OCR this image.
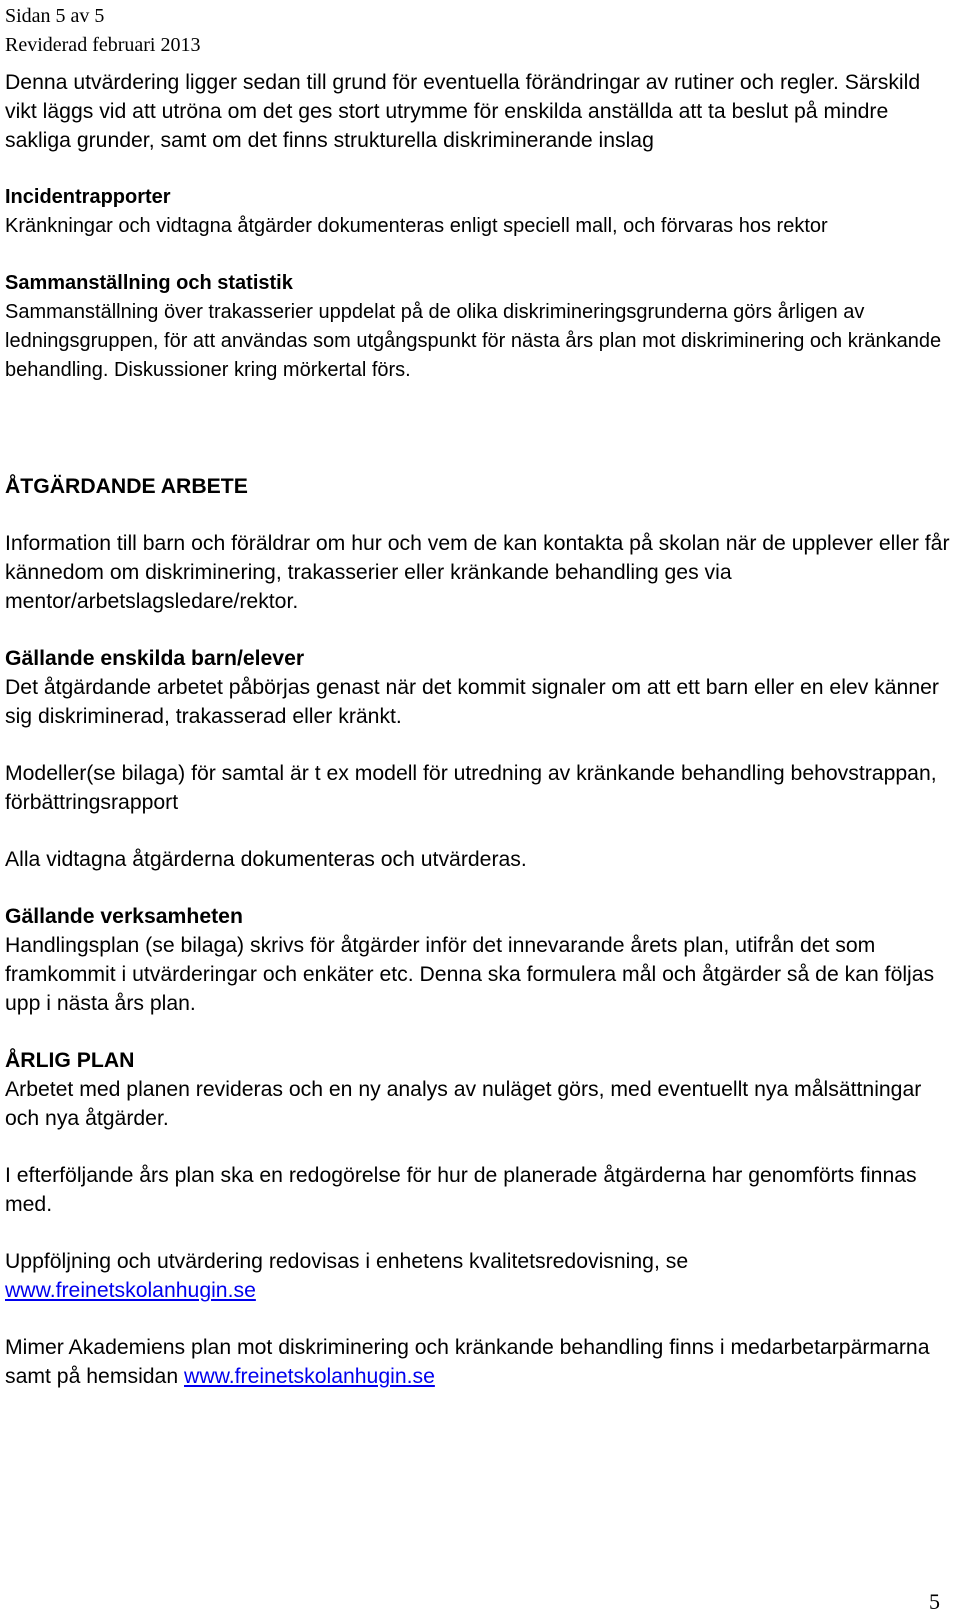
Sidan 5 av 5
Reviderad februari 2013

Denna utvärdering ligger sedan till grund för eventuella förändringar av rutiner och regler. Särskild vikt läggs vid att utröna om det ges stort utrymme för enskilda anställda att ta beslut på mindre sakliga grunder, samt om det finns strukturella diskriminerande inslag

Incidentrapporter

Kränkningar och vidtagna åtgärder dokumenteras enligt speciell mall, och förvaras hos rektor

Sammanställning och statistik

Sammanställning över trakasserier uppdelat på de olika diskrimineringsgrunderna görs årligen av ledningsgruppen, för att användas som utgångspunkt för nästa års plan mot diskriminering och kränkande behandling. Diskussioner kring mörkertal förs.

ÅTGÄRDANDE ARBETE

Information till barn och föräldrar om hur och vem de kan kontakta på skolan när de upplever eller får kännedom om diskriminering, trakasserier eller kränkande behandling ges via mentor/arbetslagsledare/rektor.

Gällande enskilda barn/elever

Det åtgärdande arbetet påbörjas genast när det kommit signaler om att ett barn eller en elev känner sig diskriminerad, trakasserad eller kränkt.

Modeller(se bilaga) för samtal är t ex modell för utredning av kränkande behandling behovstrappan, förbättringsrapport

Alla vidtagna åtgärderna dokumenteras och utvärderas.

Gällande verksamheten

Handlingsplan (se bilaga) skrivs för åtgärder inför det innevarande årets plan, utifrån det som framkommit i utvärderingar och enkäter etc. Denna ska formulera mål och åtgärder så de kan följas upp i nästa års plan.

ÅRLIG PLAN

Arbetet med planen revideras och en ny analys av nuläget görs, med eventuellt nya målsättningar och nya åtgärder.

I efterföljande års plan ska en redogörelse för hur de planerade åtgärderna har genomförts finnas med.

Uppföljning och utvärdering redovisas i enhetens kvalitetsredovisning, se
www.freinetskolanhugin.se

Mimer Akademiens plan mot diskriminering och kränkande behandling finns i medarbetarpärmarna samt på hemsidan www.freinetskolanhugin.se

5
